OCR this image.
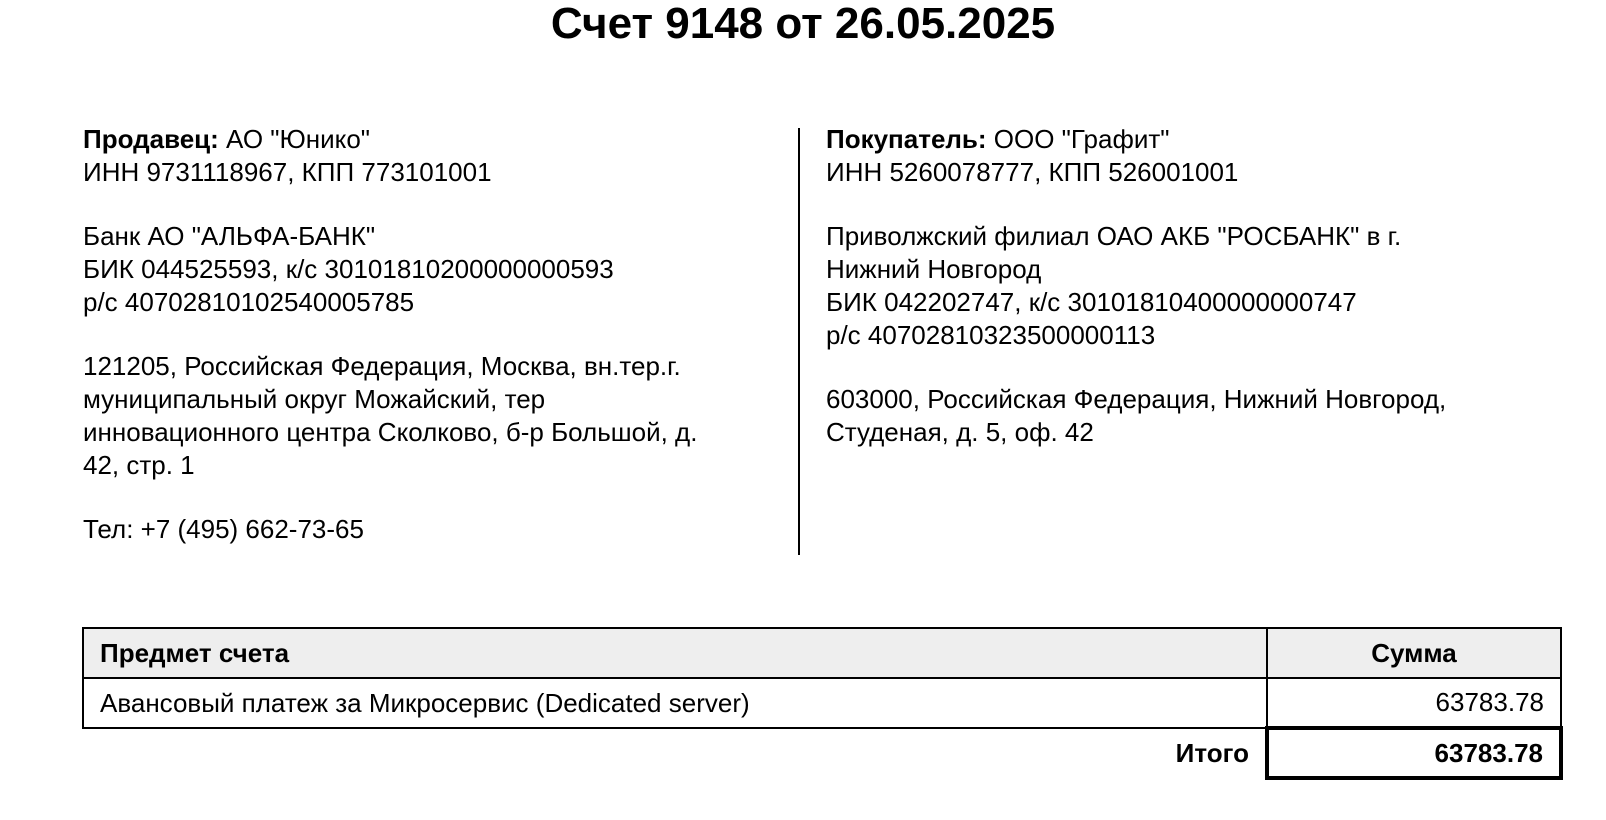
Счет 9148 от 26.05.2025
Продавец: АО "Юнико"
ИНН 9731118967, КПП 773101001
Банк АО "АЛЬФА-БАНК"
БИК 044525593, к/с 30101810200000000593
р/с 40702810102540005785
121205, Российская Федерация, Москва, вн.тер.г.
муниципальный округ Можайский, тер
инновационного центра Сколково, б-р Большой, д.
42, стр. 1
Тел: +7 (495) 662-73-65
Покупатель: ООО "Графит"
ИНН 5260078777, КПП 526001001
Приволжский филиал ОАО АКБ "РОСБАНК" в г.
Нижний Новгород
БИК 042202747, к/с 30101810400000000747
р/с 40702810323500000113
603000, Российская Федерация, Нижний Новгород,
Студеная, д. 5, оф. 42
Предмет счета	Сумма
Авансовый платеж за Микросервис (Dedicated server)	63783.78
Итого	63783.78
